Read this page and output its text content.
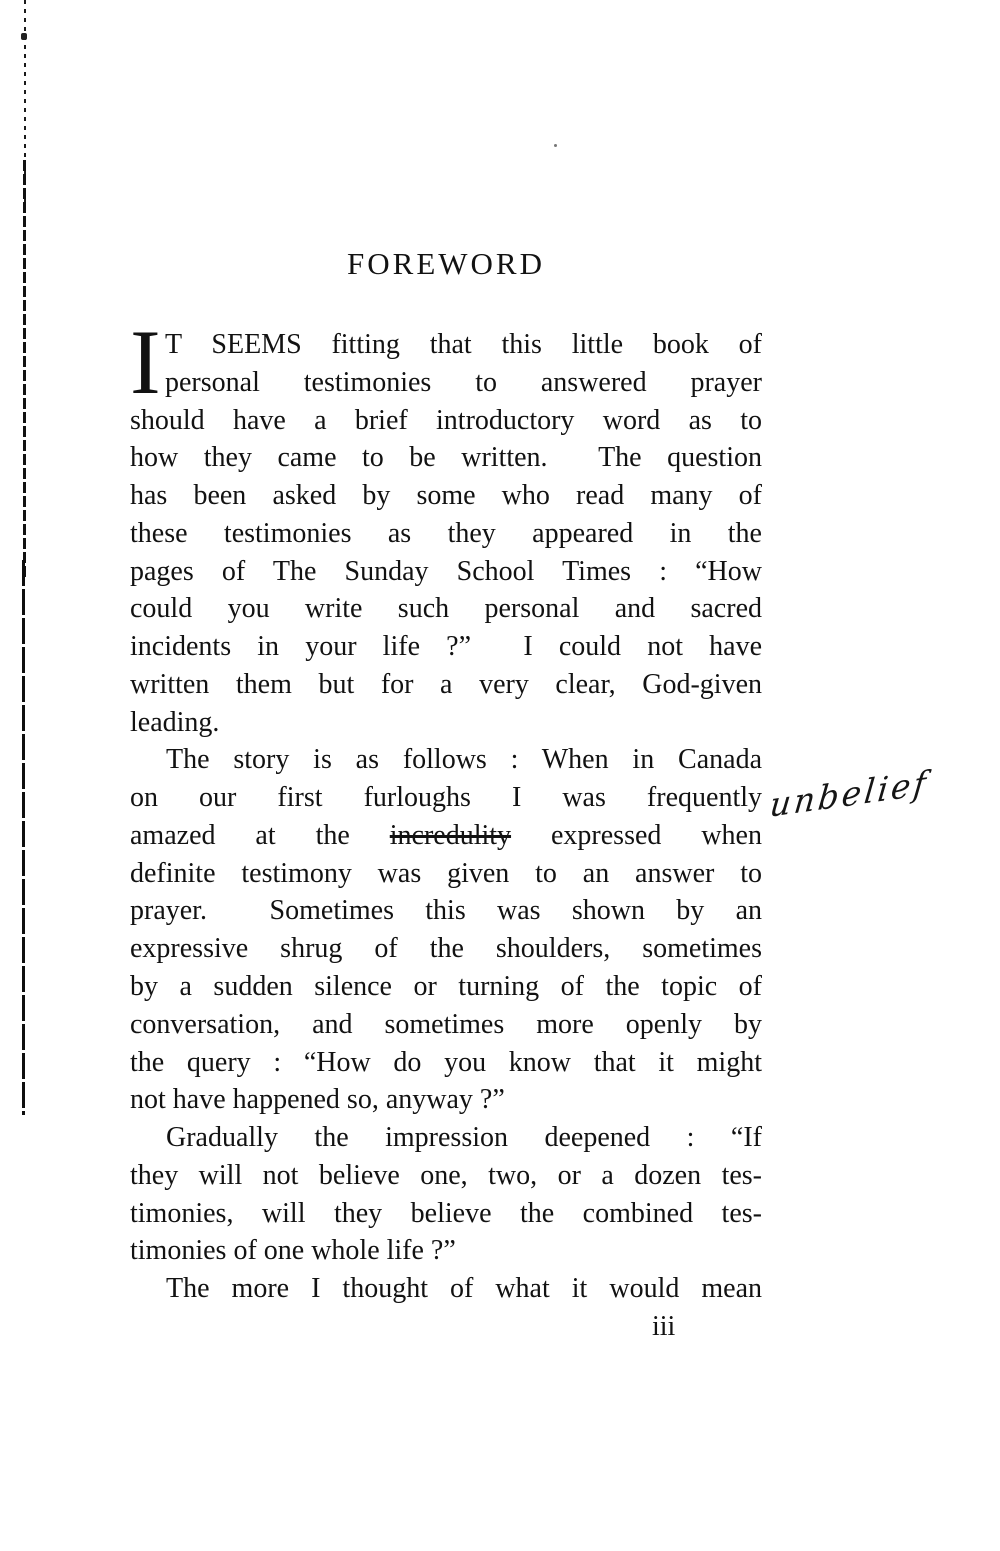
FOREWORD
I T SEEMS fitting that this little book of
personal testimonies to answered prayer
should have a brief introductory word as to
how they came to be written.  The question
has been asked by some who read many of
these testimonies as they appeared in the
pages of The Sunday School Times : “How
could you write such personal and sacred
incidents in your life ?”  I could not have
written them but for a very clear, God-given
leading.
The story is as follows : When in Canada
on our first furloughs I was frequently
amazed at the incredulity expressed when
definite testimony was given to an answer to
prayer.  Sometimes this was shown by an
expressive shrug of the shoulders, sometimes
by a sudden silence or turning of the topic of
conversation, and sometimes more openly by
the query : “How do you know that it might
not have happened so, anyway ?”
Gradually the impression deepened : “If
they will not believe one, two, or a dozen tes-
timonies, will they believe the combined tes-
timonies of one whole life ?”
The more I thought of what it would mean
iii
unbelief
